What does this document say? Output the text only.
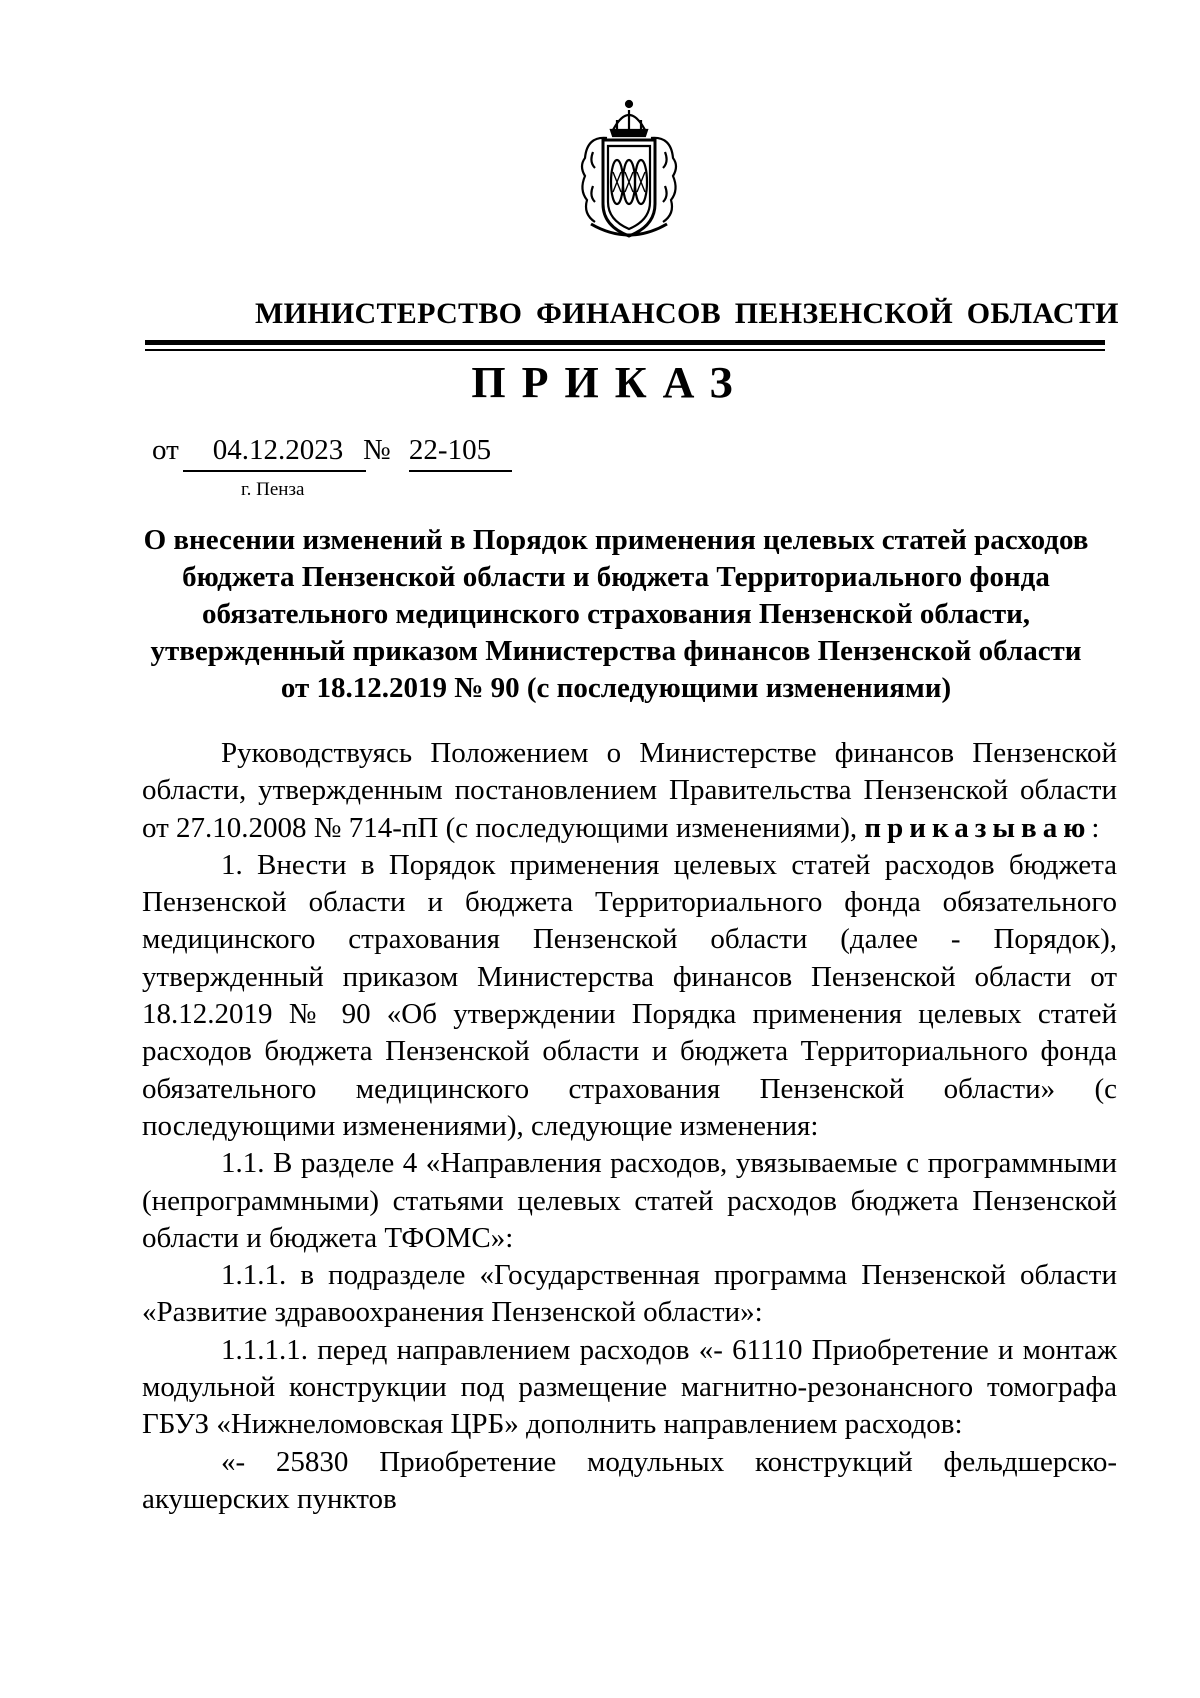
МИНИСТЕРСТВО ФИНАНСОВ ПЕНЗЕНСКОЙ ОБЛАСТИ
ПРИКАЗ
от 04.12.2023 № 22-105
г. Пенза
О внесении изменений в Порядок применения целевых статей расходов бюджета Пензенской области и бюджета Территориального фонда обязательного медицинского страхования Пензенской области, утвержденный приказом Министерства финансов Пензенской области от 18.12.2019 № 90 (с последующими изменениями)

Руководствуясь Положением о Министерстве финансов Пензенской области, утвержденным постановлением Правительства Пензенской области от 27.10.2008 № 714-пП (с последующими изменениями), приказываю:

1. Внести в Порядок применения целевых статей расходов бюджета Пензенской области и бюджета Территориального фонда обязательного медицинского страхования Пензенской области (далее - Порядок), утвержденный приказом Министерства финансов Пензенской области от 18.12.2019 № 90 «Об утверждении Порядка применения целевых статей расходов бюджета Пензенской области и бюджета Территориального фонда обязательного медицинского страхования Пензенской области» (с последующими изменениями), следующие изменения:

1.1. В разделе 4 «Направления расходов, увязываемые с программными (непрограммными) статьями целевых статей расходов бюджета Пензенской области и бюджета ТФОМС»:

1.1.1. в подразделе «Государственная программа Пензенской области «Развитие здравоохранения Пензенской области»:

1.1.1.1. перед направлением расходов «- 61110 Приобретение и монтаж модульной конструкции под размещение магнитно-резонансного томографа ГБУЗ «Нижнеломовская ЦРБ» дополнить направлением расходов:

«- 25830 Приобретение модульных конструкций фельдшерско-акушерских пунктов
